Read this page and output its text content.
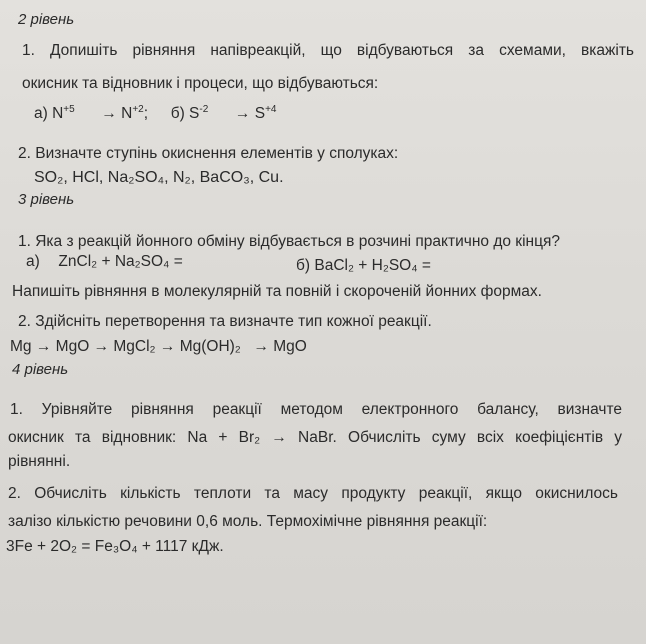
2 рівень
1. Допишіть рівняння напівреакцій, що відбуваються за схемами, вкажіть
окисник та відновник і процеси, що відбуваються:
а) $N^{+5} \to N^{+2}$; б) $S^{-2} \to S^{+4}$
2. Визначте ступінь окиснення елементів у сполуках:
SO₂, HCl, Na₂SO₄, N₂, BaCO₃, Cu.
3 рівень
1. Яка з реакцій йонного обміну відбувається в розчині практично до кінця?
а) ZnCl₂ + Na₂SO₄ =	б) BaCl₂ + H₂SO₄ =
Напишіть рівняння в молекулярній та повній і скороченій йонних формах.
2. Здійсніть перетворення та визначте тип кожної реакції.
Mg → MgO → MgCl₂ → Mg(OH)₂ → MgO
4 рівень
1. Урівняйте рівняння реакції методом електронного балансу, визначте
окисник та відновник: Na + Br₂ → NaBr. Обчисліть суму всіх коефіцієнтів у
рівнянні.
2. Обчисліть кількість теплоти та масу продукту реакції, якщо окиснилось
залізо кількістю речовини 0,6 моль. Термохімічне рівняння реакції:
3Fe + 2O₂ = Fe₃O₄ + 1117 кДж.
